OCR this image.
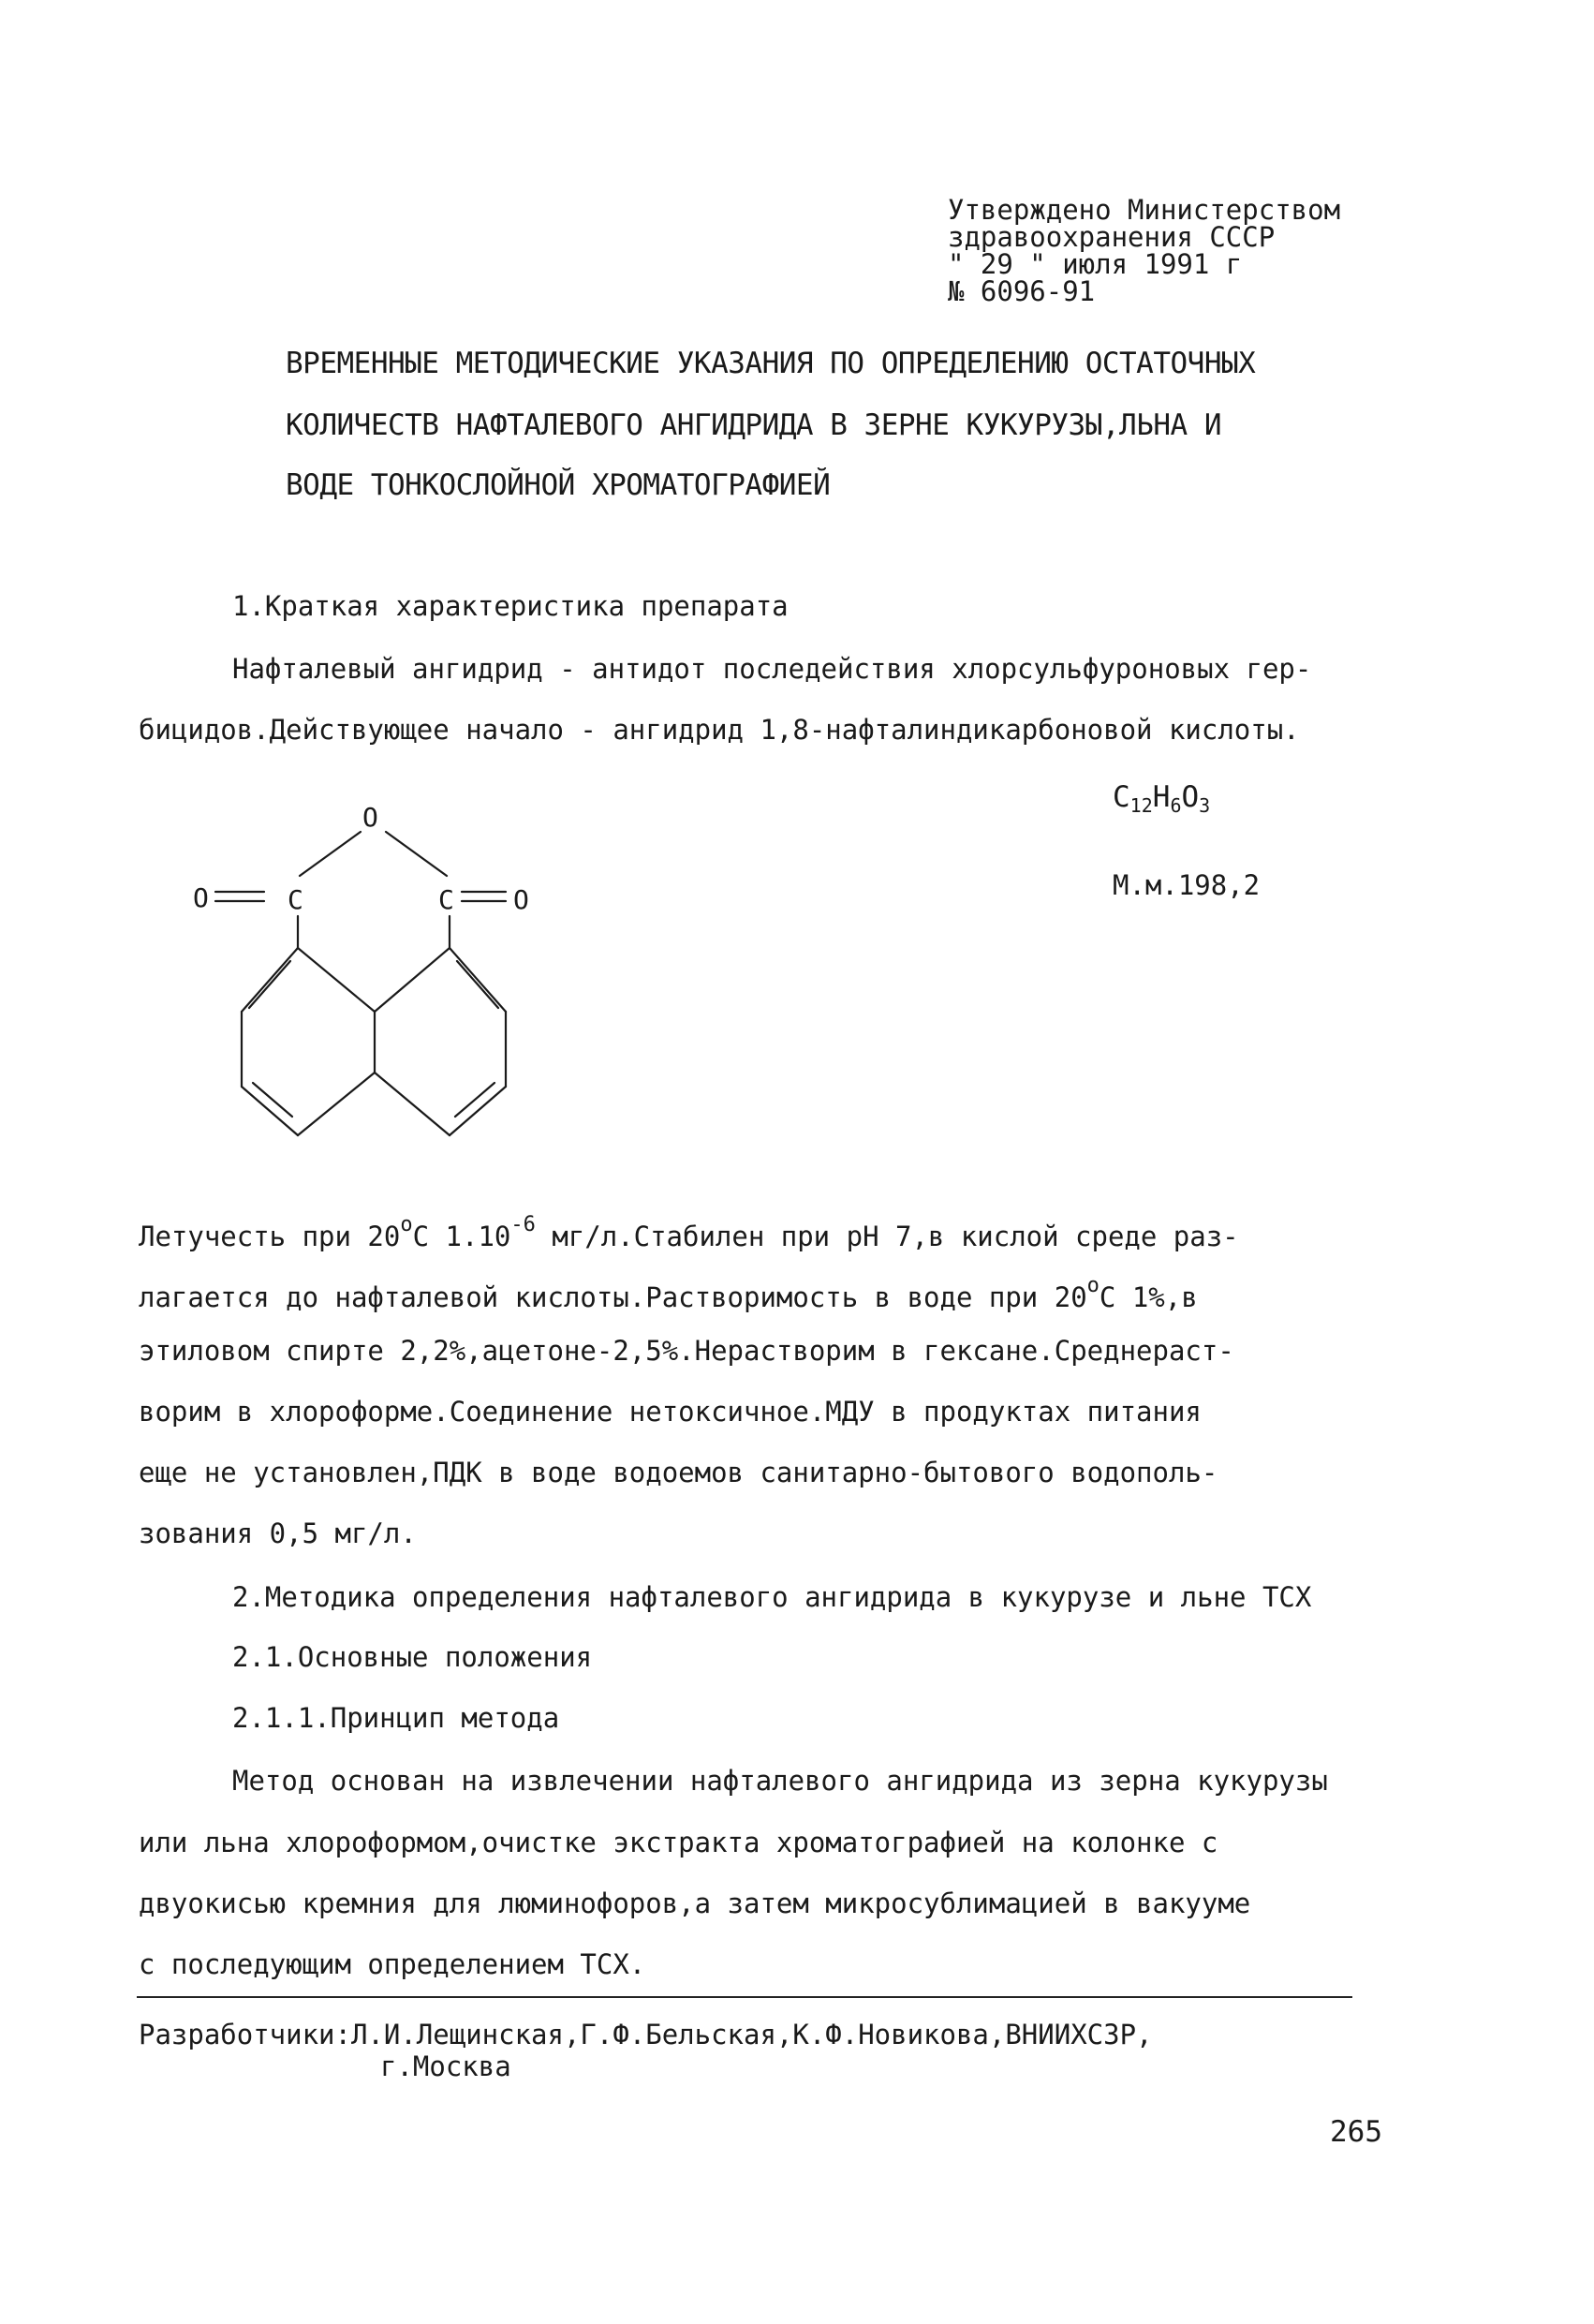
Утверждено Министерством
здравоохранения СССР
" 29 " июля 1991 г
№ 6096-91
ВРЕМЕННЫЕ МЕТОДИЧЕСКИЕ УКАЗАНИЯ ПО ОПРЕДЕЛЕНИЮ ОСТАТОЧНЫХ
КОЛИЧЕСТВ НАФТАЛЕВОГО АНГИДРИДА В ЗЕРНЕ КУКУРУЗЫ,ЛЬНА И
ВОДЕ ТОНКОСЛОЙНОЙ ХРОМАТОГРАФИЕЙ
1.Краткая характеристика препарата
Нафталевый ангидрид - антидот последействия хлорсульфуроновых гер-
бицидов.Действующее начало - ангидрид 1,8-нафталиндикарбоновой кислоты.
$C_{12}H_6O_3$
М.м.198,2
O
O	C	C O
Летучесть при $20^оС$ $1.10^{-6}$ мг/л.Стабилен при рН 7,в кислой среде раз-
лагается до нафталевой кислоты.Растворимость в воде при $20^оС$ 1%,в
этиловом спирте 2,2%,ацетоне-2,5%.Нерастворим в гексане.Среднераст-
ворим в хлороформе.Соединение нетоксичное.МДУ в продуктах питания
еще не установлен,ПДК в воде водоемов санитарно-бытового водополь-
зования 0,5 мг/л.
2.Методика определения нафталевого ангидрида в кукурузе и льне ТСХ
2.1.Основные положения
2.1.1.Принцип метода
Метод основан на извлечении нафталевого ангидрида из зерна кукурузы
или льна хлороформом,очистке экстракта хроматографией на колонке с
двуокисью кремния для люминофоров,а затем микросублимацией в вакууме
с последующим определением ТСХ.
Разработчики:Л.И.Лещинская,Г.Ф.Бельская,К.Ф.Новикова,ВНИИХСЗР,
г.Москва
265
